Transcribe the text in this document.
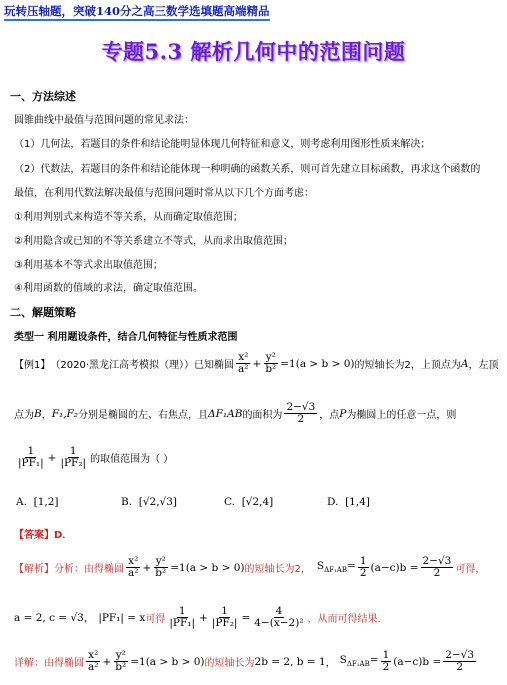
玩转压轴题，突破140分之高三数学选填题高端精品
专题5.3 解析几何中的范围问题
一、方法综述
圆锥曲线中最值与范围问题的常见求法：
（1）几何法，若题目的条件和结论能明显体现几何特征和意义，则考虑利用图形性质来解决；
（2）代数法，若题目的条件和结论能体现一种明确的函数关系，则可首先建立目标函数，再求这个函数的
最值，在利用代数法解决最值与范围问题时常从以下几个方面考虑：
①利用判别式来构造不等关系，从而确定取值范围；
②利用隐含或已知的不等关系建立不等式，从而求出取值范围；
③利用基本不等式求出取值范围；
④利用函数的值域的求法，确定取值范围。
二、解题策略
类型一 利用题设条件，结合几何特征与性质求范围
【例1】 （2020·黑龙江高考模拟（理））已知椭圆 $\frac{\text{x²}}{\text{a²}} + \frac{\text{y²}}{\text{b²}} =1(a > b > 0)$ 的短轴长为2，上顶点为 A ，左顶
点为 B ， F₁,F₂ 分别是椭圆的左、右焦点，且 ΔF₁AB 的面积为 $\frac{2-√3}{2}$ ，点 P 为椭圆上的任意一点，则
$\frac{1}{\text{|PF₁|}} + \frac{1}{\text{|PF₂|}}$ 的取值范围为（ ）
A. [1,2]	B. [√2,√3]	C. [√2,4]	D. [1,4]
【答案】D．
【解析】分析： 由得椭圆 $\frac{\text{x²}}{\text{a²}} + \frac{\text{y²}}{\text{b²}} =1(a > b > 0)$ 的短轴长为2， $S_{\Delta F_1AB}= \frac{1}{2} (a-c)b = \frac{2-√3}{2}$ 可得，
a = 2, c = √3， |PF₁| = x 可得 $\frac{1}{\text{|PF₁|}} + \frac{1}{\text{|PF₂|}} = \frac{4}{\text{4−(x−2)²}}$ ，从而可得结果．
详解： 由得椭圆 $\frac{\text{x²}}{\text{a²}} + \frac{\text{y²}}{\text{b²}} =1(a > b > 0)$ 的短轴长为 2b = 2, b = 1 ， $S_{\Delta F_1AB}= \frac{1}{2} (a-c)b = \frac{2-√3}{2}$
